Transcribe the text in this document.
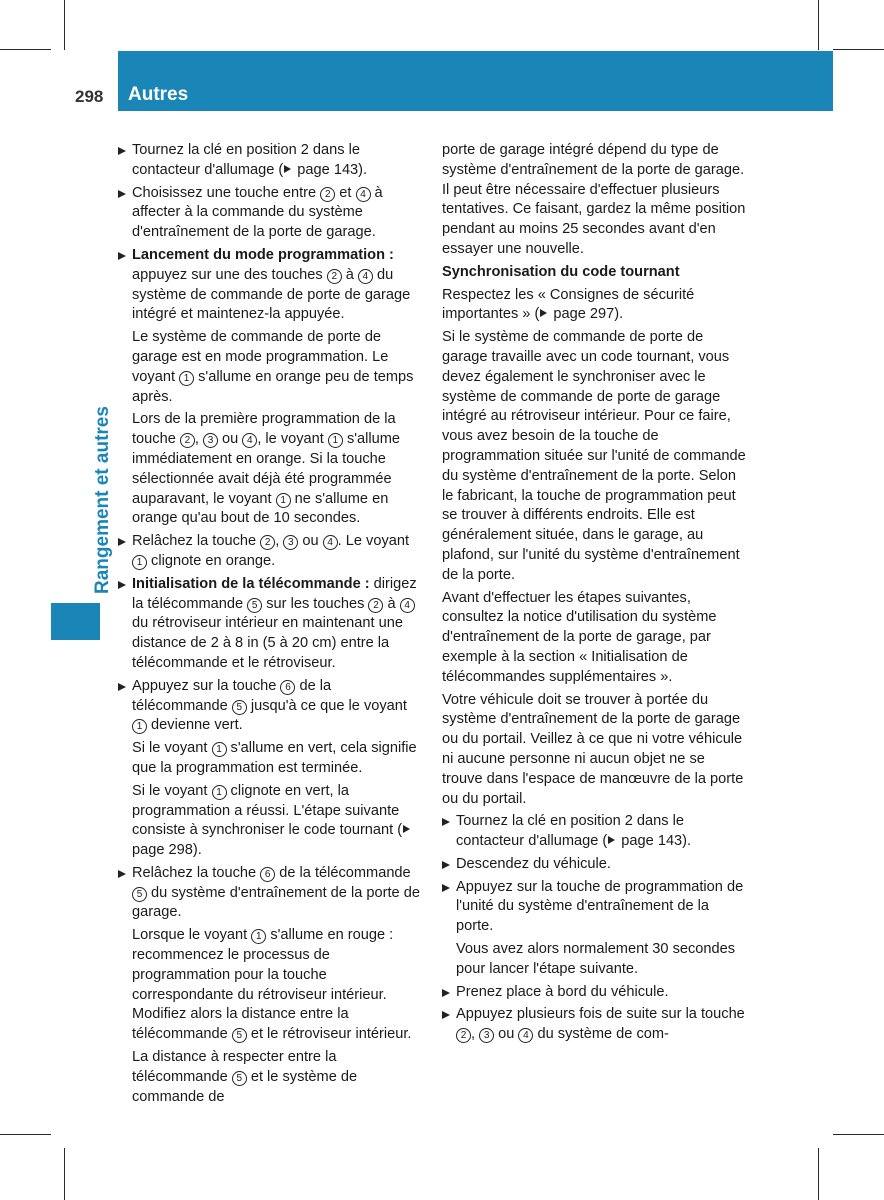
298 Autres
Rangement et autres

Tournez la clé en position 2 dans le contacteur d'allumage ( page 143).

Choisissez une touche entre 2 et 4 à affecter à la commande du système d'entraînement de la porte de garage.

Lancement du mode programmation : appuyez sur une des touches 2 à 4 du système de commande de porte de garage intégré et maintenez-la appuyée.

Le système de commande de porte de garage est en mode programmation. Le voyant 1 s'allume en orange peu de temps après.

Lors de la première programmation de la touche 2 , 3 ou 4 , le voyant 1 s'allume immédiatement en orange. Si la touche sélectionnée avait déjà été programmée auparavant, le voyant 1 ne s'allume en orange qu'au bout de 10 secondes.

Relâchez la touche 2 , 3 ou 4 . Le voyant 1 clignote en orange.

Initialisation de la télécommande : dirigez la télécommande 5 sur les touches 2 à 4 du rétroviseur intérieur en maintenant une distance de 2 à 8 in (5 à 20 cm) entre la télécommande et le rétroviseur.

Appuyez sur la touche 6 de la télécommande 5 jusqu'à ce que le voyant 1 devienne vert.

Si le voyant 1 s'allume en vert, cela signifie que la programmation est terminée.

Si le voyant 1 clignote en vert, la programmation a réussi. L'étape suivante consiste à synchroniser le code tournant ( page 298).

Relâchez la touche 6 de la télécommande 5 du système d'entraînement de la porte de garage.

Lorsque le voyant 1 s'allume en rouge : recommencez le processus de programmation pour la touche correspondante du rétroviseur intérieur. Modifiez alors la distance entre la télécommande 5 et le rétroviseur intérieur.

La distance à respecter entre la télécommande 5 et le système de commande de

porte de garage intégré dépend du type de système d'entraînement de la porte de garage. Il peut être nécessaire d'effectuer plusieurs tentatives. Ce faisant, gardez la même position pendant au moins 25 secondes avant d'en essayer une nouvelle.

Synchronisation du code tournant

Respectez les « Consignes de sécurité importantes » ( page 297).

Si le système de commande de porte de garage travaille avec un code tournant, vous devez également le synchroniser avec le système de commande de porte de garage intégré au rétroviseur intérieur. Pour ce faire, vous avez besoin de la touche de programmation située sur l'unité de commande du système d'entraînement de la porte. Selon le fabricant, la touche de programmation peut se trouver à différents endroits. Elle est généralement située, dans le garage, au plafond, sur l'unité du système d'entraînement de la porte.

Avant d'effectuer les étapes suivantes, consultez la notice d'utilisation du système d'entraînement de la porte de garage, par exemple à la section « Initialisation de télécommandes supplémentaires ».

Votre véhicule doit se trouver à portée du système d'entraînement de la porte de garage ou du portail. Veillez à ce que ni votre véhicule ni aucune personne ni aucun objet ne se trouve dans l'espace de manœuvre de la porte ou du portail.

Tournez la clé en position 2 dans le contacteur d'allumage ( page 143).

Descendez du véhicule.

Appuyez sur la touche de programmation de l'unité du système d'entraînement de la porte.

Vous avez alors normalement 30 secondes pour lancer l'étape suivante.

Prenez place à bord du véhicule.

Appuyez plusieurs fois de suite sur la touche 2 , 3 ou 4 du système de com-
